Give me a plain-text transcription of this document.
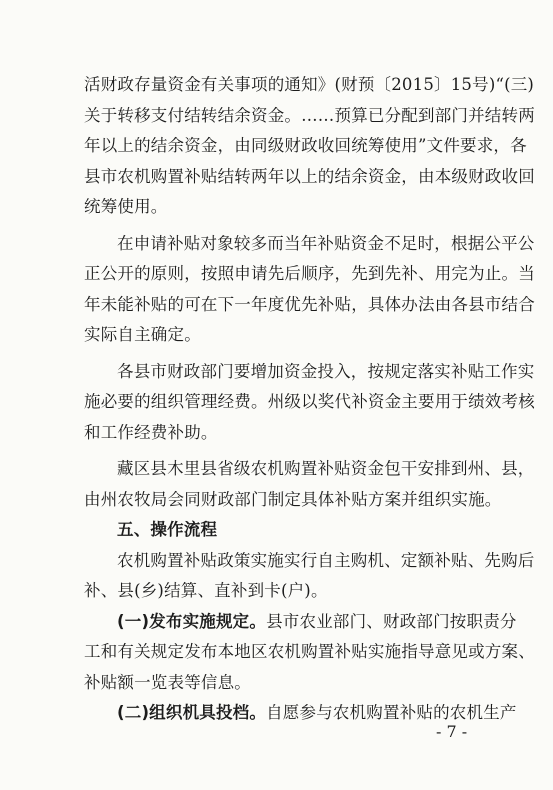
活财政存量资金有关事项的通知》(财预〔2015〕15号)“(三)
关于转移支付结转结余资金。……预算已分配到部门并结转两
年以上的结余资金，由同级财政收回统筹使用”文件要求，各
县市农机购置补贴结转两年以上的结余资金，由本级财政收回
统筹使用。
在申请补贴对象较多而当年补贴资金不足时，根据公平公
正公开的原则，按照申请先后顺序，先到先补、用完为止。当
年未能补贴的可在下一年度优先补贴，具体办法由各县市结合
实际自主确定。
各县市财政部门要增加资金投入，按规定落实补贴工作实
施必要的组织管理经费。州级以奖代补资金主要用于绩效考核
和工作经费补助。
藏区县木里县省级农机购置补贴资金包干安排到州、县，
由州农牧局会同财政部门制定具体补贴方案并组织实施。
五、操作流程
农机购置补贴政策实施实行自主购机、定额补贴、先购后
补、县(乡)结算、直补到卡(户)。
(一)发布实施规定。县市农业部门、财政部门按职责分
工和有关规定发布本地区农机购置补贴实施指导意见或方案、
补贴额一览表等信息。
(二)组织机具投档。自愿参与农机购置补贴的农机生产
- 7 -
